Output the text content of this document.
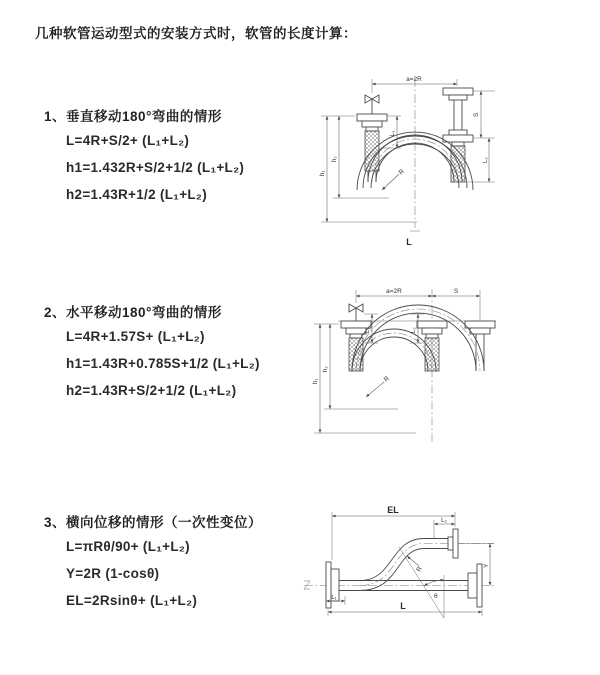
几种软管运动型式的安装方式时，软管的长度计算：
1、垂直移动180°弯曲的情形
L=4R+S/2+ (L₁+L₂)
h1=1.432R+S/2+1/2 (L₁+L₂)
h2=1.43R+1/2 (L₁+L₂)
a=2R
S
L₂
L₁
h₂
h₁	R
L
2、水平移动180°弯曲的情形
L=4R+1.57S+ (L₁+L₂)
h1=1.43R+0.785S+1/2 (L₁+L₂)
h2=1.43R+S/2+1/2 (L₁+L₂)
a=2R	S
h₂
h₁
L₁	L₂
R
3、横向位移的情形（一次性变位）
L=πRθ/90+ (L₁+L₂)
Y=2R (1-cosθ)
EL=2Rsinθ+ (L₁+L₂)
EL
L₂
Y
R
θ
L
L₁
